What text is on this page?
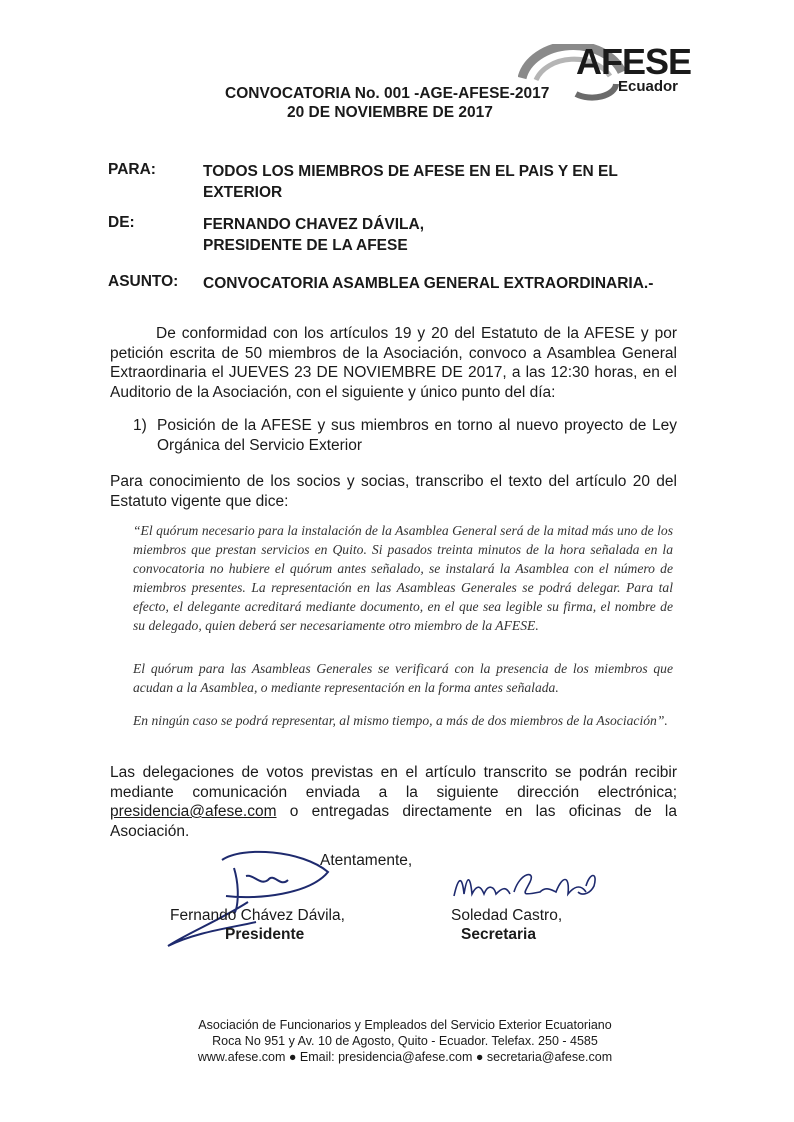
AFESE
Ecuador
CONVOCATORIA No. 001 -AGE-AFESE-2017
20 DE NOVIEMBRE DE 2017
PARA:	TODOS LOS MIEMBROS DE AFESE EN EL PAIS Y EN EL
EXTERIOR
DE:	FERNANDO CHAVEZ DÁVILA,
PRESIDENTE DE LA AFESE
ASUNTO: CONVOCATORIA ASAMBLEA GENERAL EXTRAORDINARIA.-
De conformidad con los artículos 19 y 20 del Estatuto de la AFESE y por petición escrita de 50 miembros de la Asociación, convoco a Asamblea General Extraordinaria el JUEVES 23 DE NOVIEMBRE DE 2017, a las 12:30 horas, en el Auditorio de la Asociación, con el siguiente y único punto del día:
1) Posición de la AFESE y sus miembros en torno al nuevo proyecto de Ley Orgánica del Servicio Exterior
Para conocimiento de los socios y socias, transcribo el texto del artículo 20 del Estatuto vigente que dice:
“El quórum necesario para la instalación de la Asamblea General será de la mitad más uno de los miembros que prestan servicios en Quito. Si pasados treinta minutos de la hora señalada en la convocatoria no hubiere el quórum antes señalado, se instalará la Asamblea con el número de miembros presentes. La representación en las Asambleas Generales se podrá delegar. Para tal efecto, el delegante acreditará mediante documento, en el que sea legible su firma, el nombre de su delegado, quien deberá ser necesariamente otro miembro de la AFESE.
El quórum para las Asambleas Generales se verificará con la presencia de los miembros que acudan a la Asamblea, o mediante representación en la forma antes señalada.
En ningún caso se podrá representar, al mismo tiempo, a más de dos miembros de la Asociación”.
Las delegaciones de votos previstas en el artículo transcrito se podrán recibir mediante comunicación enviada a la siguiente dirección electrónica; presidencia@afese.com o entregadas directamente en las oficinas de la Asociación.
Atentamente,
Fernando Chávez Dávila,
Presidente
Soledad Castro,
Secretaria
Asociación de Funcionarios y Empleados del Servicio Exterior Ecuatoriano
Roca No 951 y Av. 10 de Agosto, Quito - Ecuador. Telefax. 250 - 4585
www.afese.com ● Email: presidencia@afese.com ● secretaria@afese.com
